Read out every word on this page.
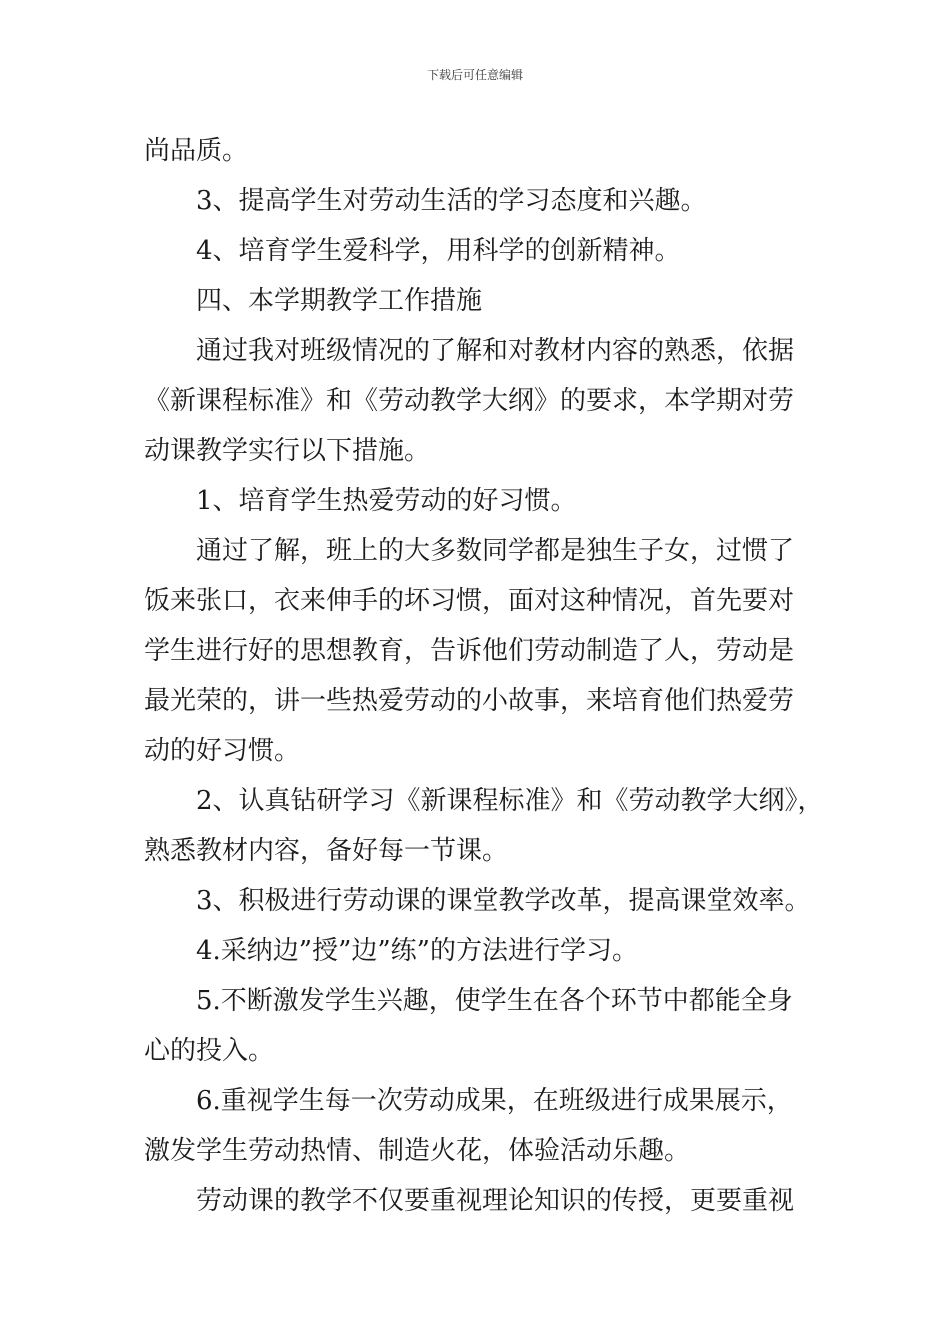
下载后可任意编辑

尚品质。

3、提高学生对劳动生活的学习态度和兴趣。

4、培育学生爱科学，用科学的创新精神。

四、本学期教学工作措施

通过我对班级情况的了解和对教材内容的熟悉，依据

《新课程标准》和《劳动教学大纲》的要求，本学期对劳

动课教学实行以下措施。

1、培育学生热爱劳动的好习惯。

通过了解，班上的大多数同学都是独生子女，过惯了

饭来张口，衣来伸手的坏习惯，面对这种情况，首先要对

学生进行好的思想教育，告诉他们劳动制造了人，劳动是

最光荣的，讲一些热爱劳动的小故事，来培育他们热爱劳

动的好习惯。

2、认真钻研学习《新课程标准》和《劳动教学大纲》，

熟悉教材内容，备好每一节课。

3、积极进行劳动课的课堂教学改革，提高课堂效率。

4.采纳边”授”边”练”的方法进行学习。

5.不断激发学生兴趣，使学生在各个环节中都能全身

心的投入。

6.重视学生每一次劳动成果，在班级进行成果展示，

激发学生劳动热情、制造火花，体验活动乐趣。

劳动课的教学不仅要重视理论知识的传授，更要重视
